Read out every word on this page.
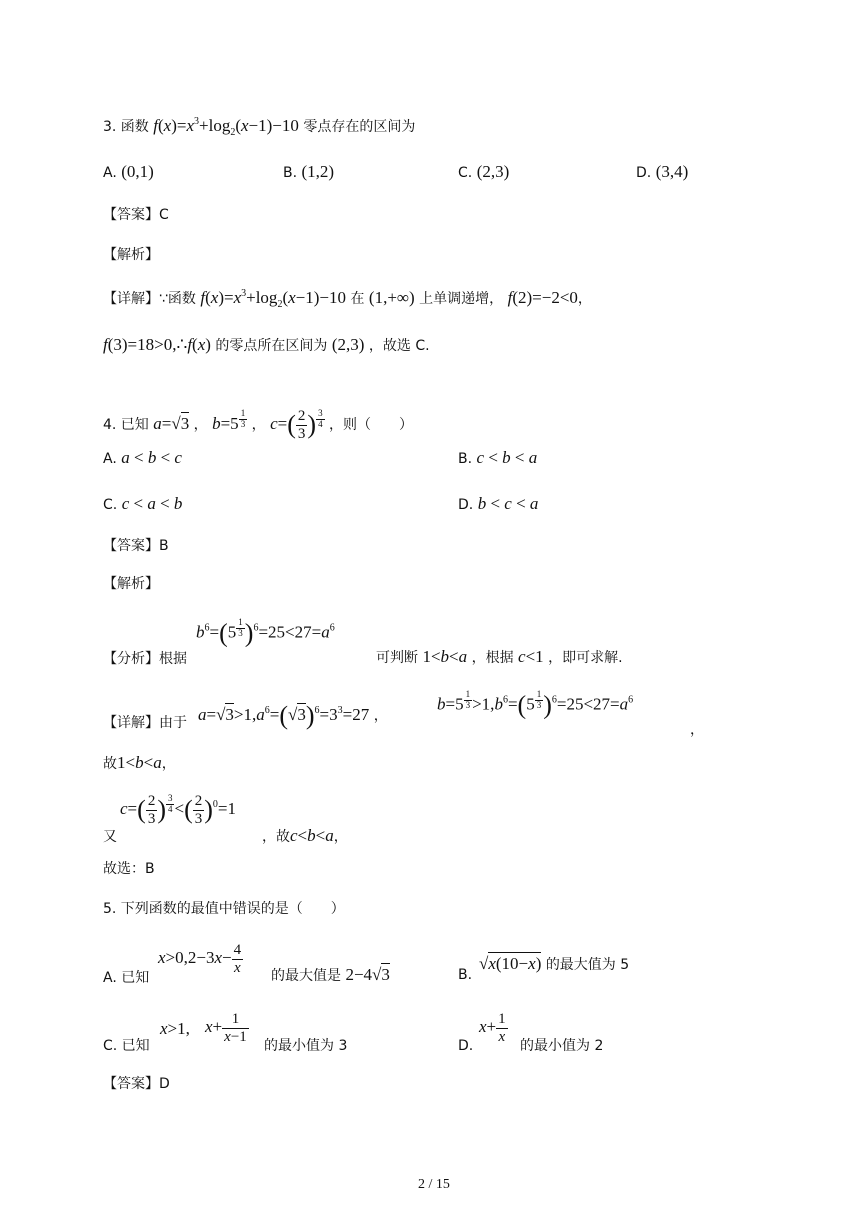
3. 函数 $f(x)=x^3+\log_2(x-1)-10$ 零点存在的区间为
A. (0,1)	B. (1,2)	C. (2,3)	D. (3,4)
【答案】C
【解析】
【详解】∵函数 $f(x)=x^3+\log_2(x-1)-10$ 在 (1,+∞) 上单调递增， f(2)=−2<0，
f(3)=18>0,∴f(x) 的零点所在区间为 (2,3) ，故选 C.
4. 已知 a=√3 ， b=5 $^{\frac{1}{3}}$ ， $c=( \frac{2}{3}$ ) $^{\frac{3}{4}}$ ，则（　　）
A. a < b < c	B. c < b < a
C. c < a < b	D. b < c < a
【答案】B
【解析】
$b^6=(5$ $^{\frac{1}{3}}$ )$^6=25<27=a^6$
【分析】根据	可判断 1<b<a ，根据 c<1 ，即可求解.
【详解】由于 $a=√3>1,a^6=(√3)^6=3^3=27$ ，
b=5 $^{\frac{1}{3}} >1,b^6=(5$ $^{\frac{1}{3}}$ )$^6=25<27=a^6$
，
故1<b<a，
$c=( \frac{2}{3}$ ) $^{\frac{3}{4}}$ <( $\frac{2}{3} )^0=1$
又	，故c<b<a，
故选：B
5. 下列函数的最值中错误的是（　　）
A. 已知
$x>0,2-3x- \frac{4}{x}$ 的最大值是 2−4√3	B.
√x(10−x) 的最大值为 5
C. 已知
x>1, $x+ \frac{1}{x-1}$
的最小值为 3	D.
$x+ \frac{1}{x}$
的最小值为 2
【答案】D
2 / 15
